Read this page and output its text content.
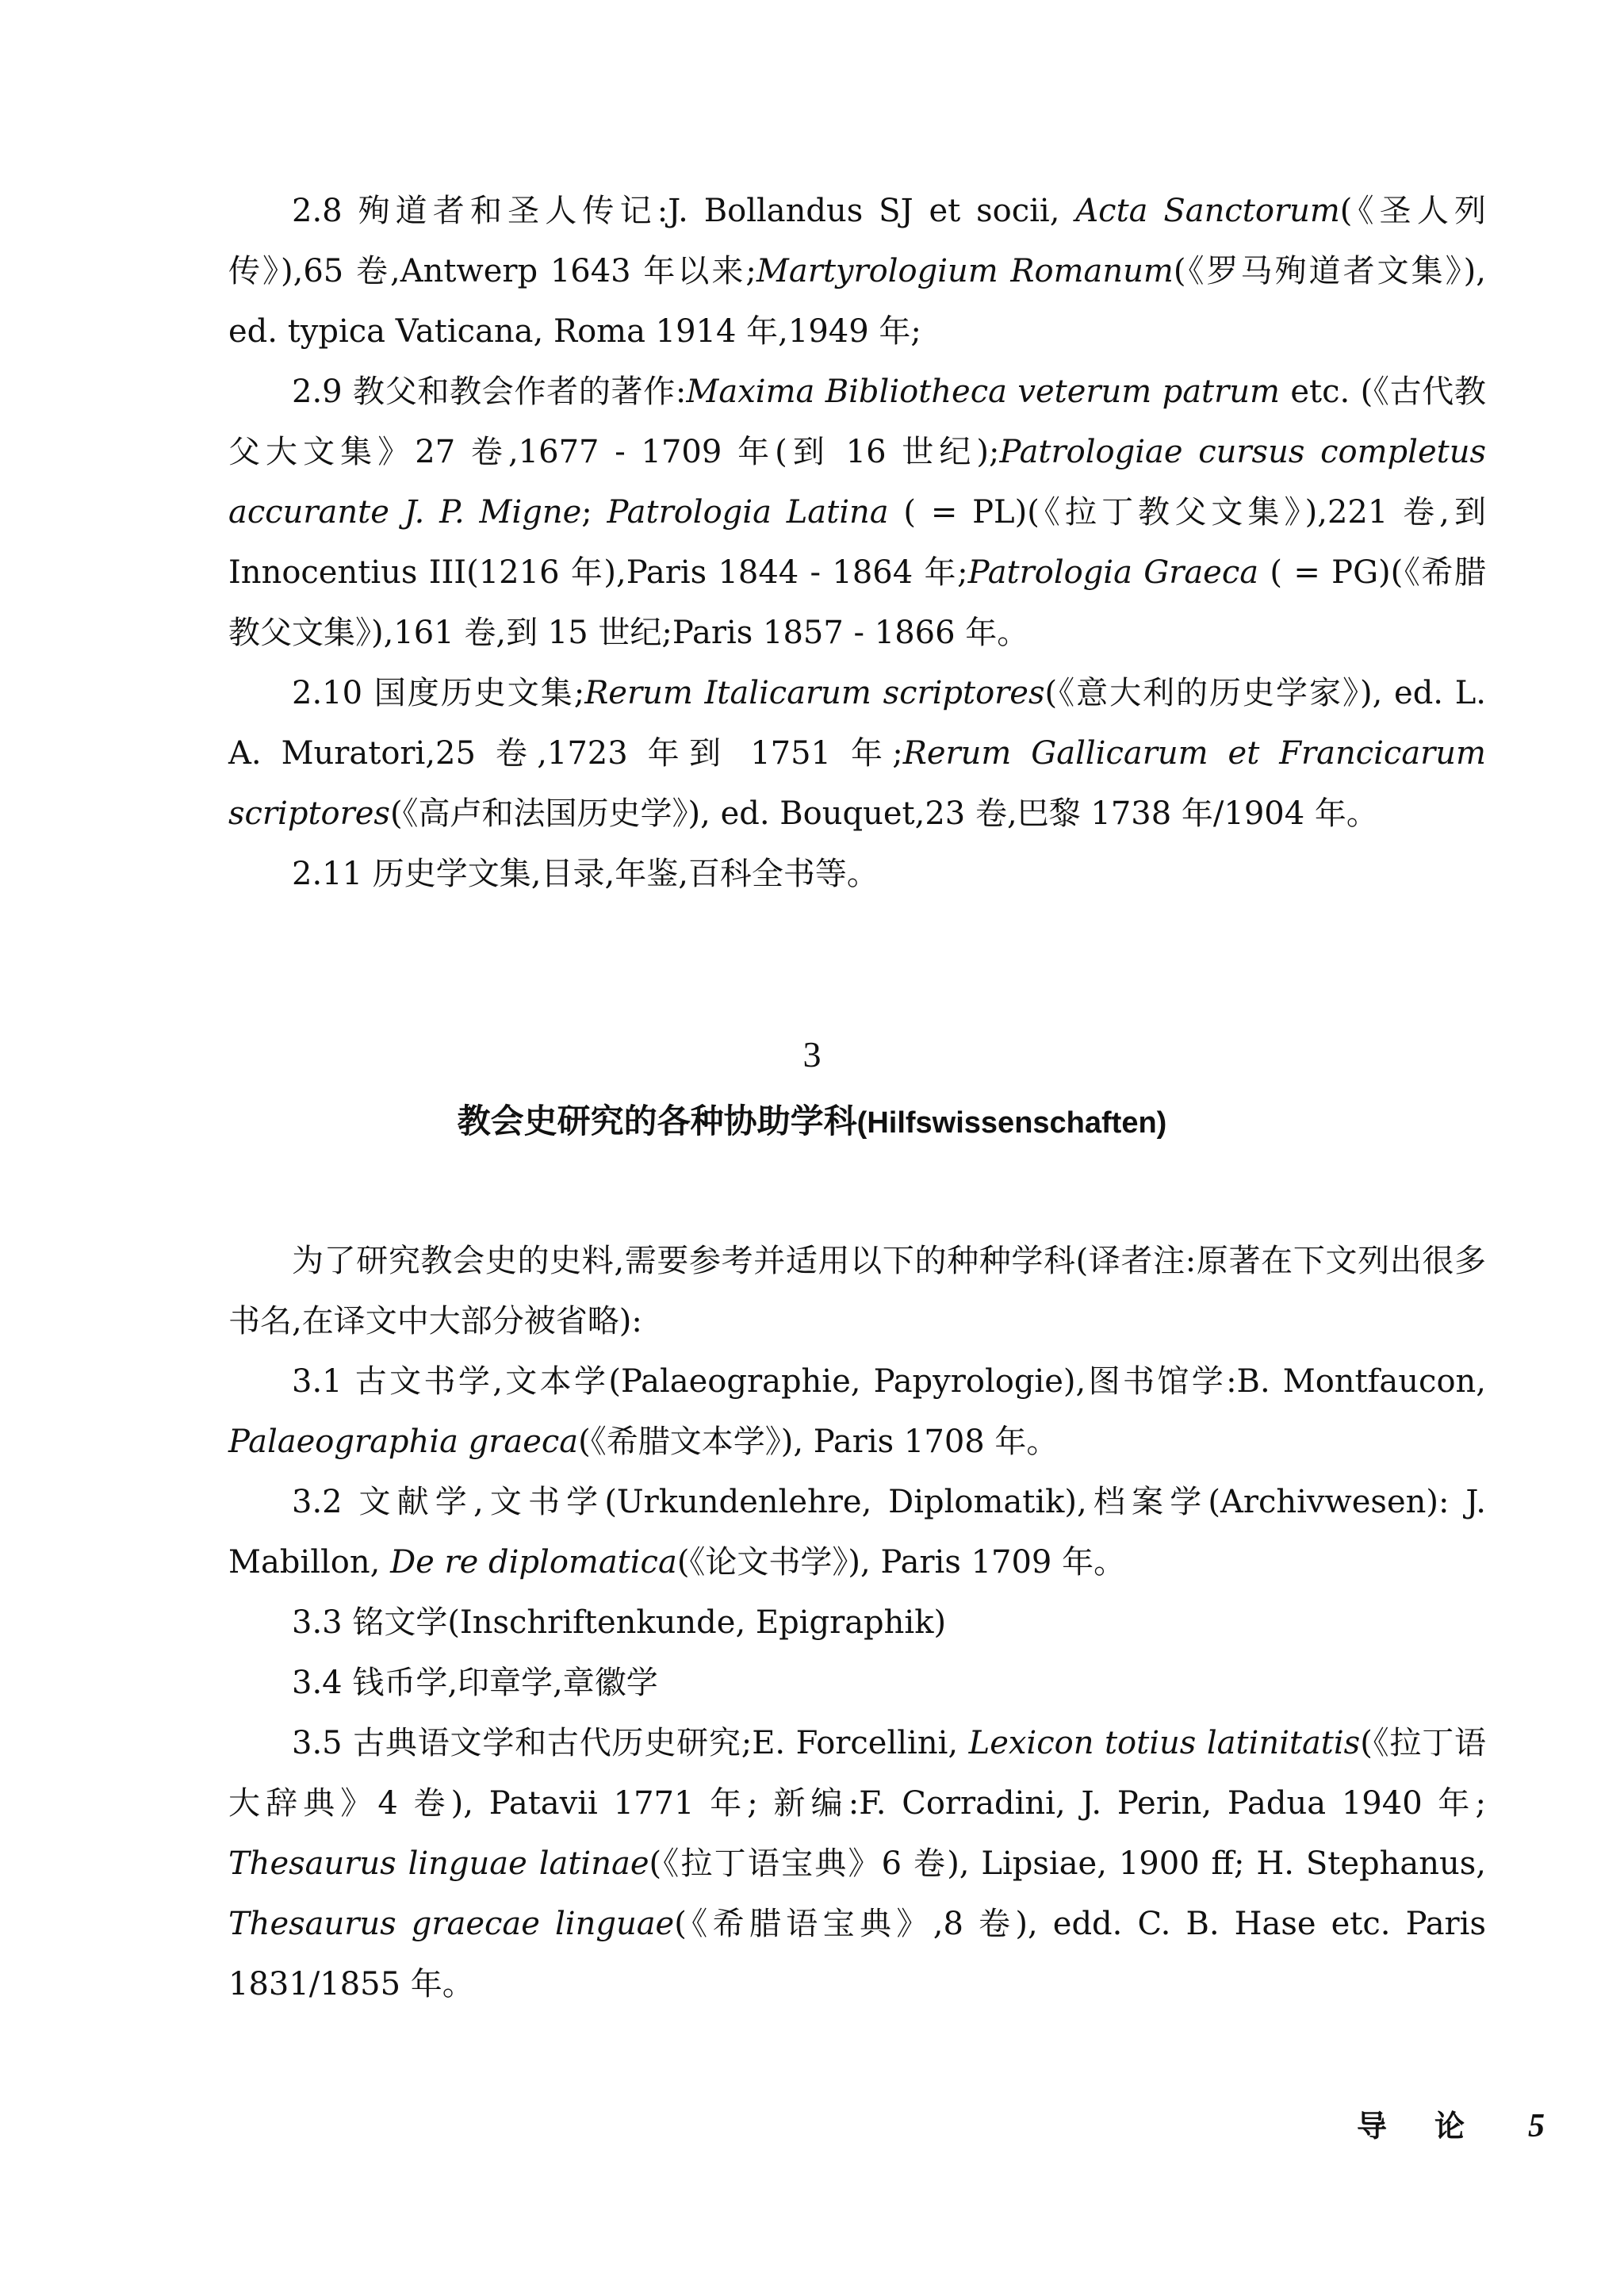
2.8 殉道者和圣人传记:J. Bollandus SJ et socii, Acta Sanctorum(《圣人列传》),65 卷,Antwerp 1643 年以来;Martyrologium Romanum(《罗马殉道者文集》), ed. typica Vaticana, Roma 1914 年,1949 年;

2.9 教父和教会作者的著作:Maxima Bibliotheca veterum patrum etc. (《古代教父大文集》27 卷,1677 - 1709 年(到 16 世纪);Patrologiae cursus completus accurante J. P. Migne; Patrologia Latina ( = PL)(《拉丁教父文集》),221 卷,到 Innocentius III(1216 年),Paris 1844 - 1864 年;Patrologia Graeca ( = PG)(《希腊教父文集》),161 卷,到 15 世纪;Paris 1857 - 1866 年。

2.10 国度历史文集;Rerum Italicarum scriptores(《意大利的历史学家》), ed. L. A. Muratori,25 卷,1723 年到 1751 年;Rerum Gallicarum et Francicarum scriptores(《高卢和法国历史学》), ed. Bouquet,23 卷,巴黎 1738 年/1904 年。

2.11 历史学文集,目录,年鉴,百科全书等。

3
教会史研究的各种协助学科(Hilfswissenschaften)

为了研究教会史的史料,需要参考并适用以下的种种学科(译者注:原著在下文列出很多书名,在译文中大部分被省略):

3.1 古文书学,文本学(Palaeographie, Papyrologie),图书馆学:B. Montfaucon, Palaeographia graeca(《希腊文本学》), Paris 1708 年。

3.2 文献学,文书学(Urkundenlehre, Diplomatik),档案学(Archivwesen): J. Mabillon, De re diplomatica(《论文书学》), Paris 1709 年。

3.3 铭文学(Inschriftenkunde, Epigraphik)

3.4 钱币学,印章学,章徽学

3.5 古典语文学和古代历史研究;E. Forcellini, Lexicon totius latinitatis(《拉丁语大辞典》4 卷), Patavii 1771 年; 新编:F. Corradini, J. Perin, Padua 1940 年; Thesaurus linguae latinae(《拉丁语宝典》6 卷), Lipsiae, 1900 ff; H. Stephanus, Thesaurus graecae linguae(《希腊语宝典》,8 卷), edd. C. B. Hase etc. Paris 1831/1855 年。

导论 5
